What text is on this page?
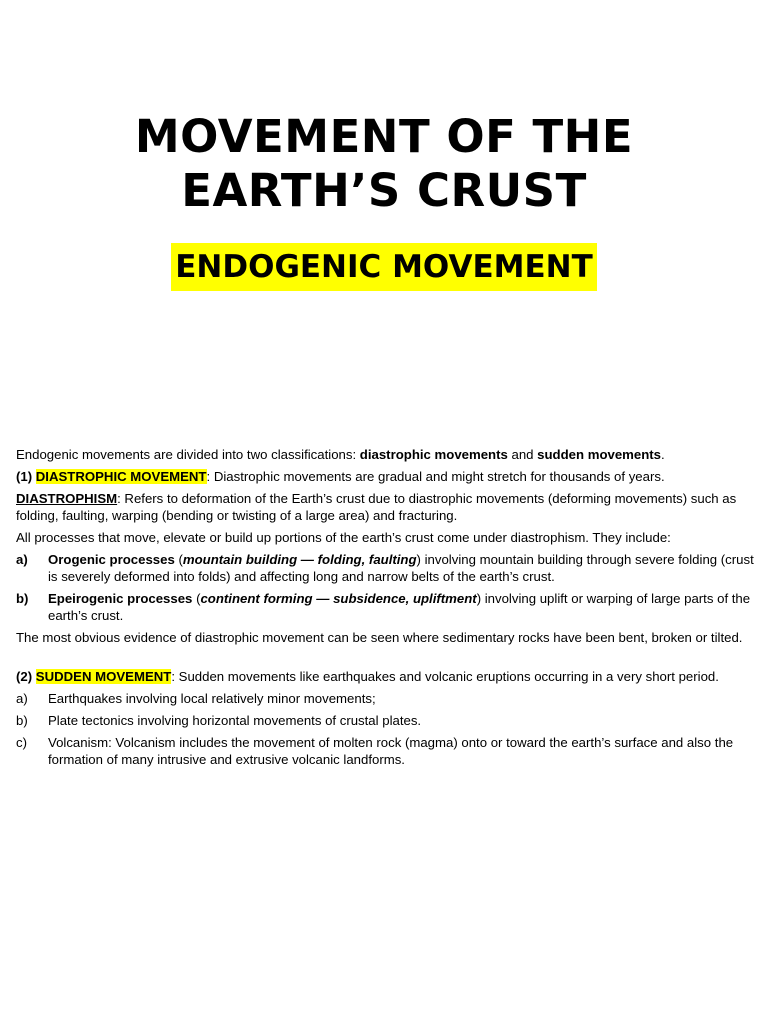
MOVEMENT OF THE
EARTH’S CRUST
ENDOGENIC MOVEMENT

Endogenic movements are divided into two classifications: diastrophic movements and sudden movements.

(1) DIASTROPHIC MOVEMENT: Diastrophic movements are gradual and might stretch for thousands of years.

DIASTROPHISM: Refers to deformation of the Earth’s crust due to diastrophic movements (deforming movements) such as folding, faulting, warping (bending or twisting of a large area) and fracturing.

All processes that move, elevate or build up portions of the earth’s crust come under diastrophism. They include:

a)	Orogenic processes (mountain building — folding, faulting) involving mountain building through severe folding (crust is severely deformed into folds) and affecting long and narrow belts of the earth’s crust.
b)	Epeirogenic processes (continent forming — subsidence, upliftment) involving uplift or warping of large parts of the earth’s crust.

The most obvious evidence of diastrophic movement can be seen where sedimentary rocks have been bent, broken or tilted.

(2) SUDDEN MOVEMENT: Sudden movements like earthquakes and volcanic eruptions occurring in a very short period.

a)	Earthquakes involving local relatively minor movements;
b)	Plate tectonics involving horizontal movements of crustal plates.
c)	Volcanism: Volcanism includes the movement of molten rock (magma) onto or toward the earth’s surface and also the formation of many intrusive and extrusive volcanic landforms.
